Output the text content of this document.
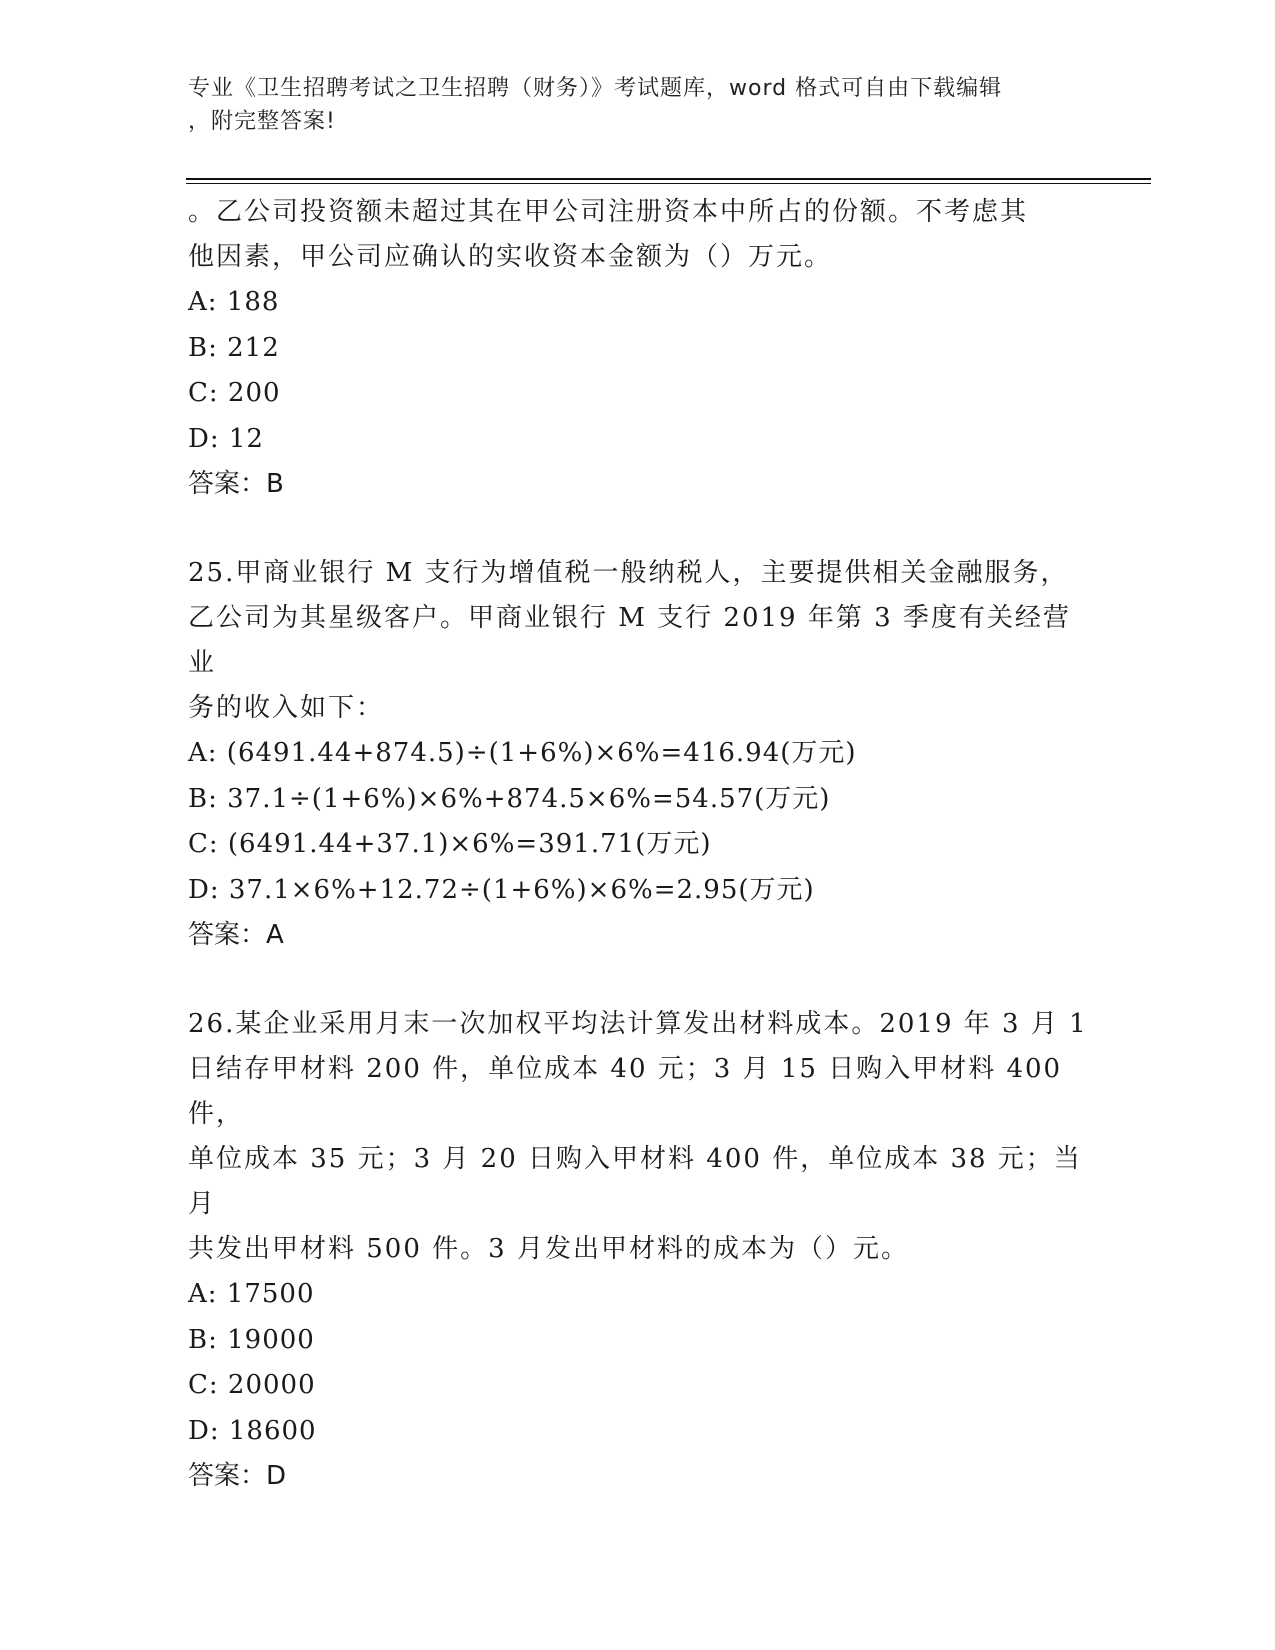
专业《卫生招聘考试之卫生招聘（财务）》考试题库，word 格式可自由下载编辑
，附完整答案!

。乙公司投资额未超过其在甲公司注册资本中所占的份额。不考虑其

他因素，甲公司应确认的实收资本金额为（）万元。

A: 188

B: 212

C: 200

D: 12

答案：B

25.甲商业银行 M 支行为增值税一般纳税人，主要提供相关金融服务，

乙公司为其星级客户。甲商业银行 M 支行 2019 年第 3 季度有关经营业

务的收入如下：

A: (6491.44+874.5)÷(1+6%)×6%=416.94(万元)

B: 37.1÷(1+6%)×6%+874.5×6%=54.57(万元)

C: (6491.44+37.1)×6%=391.71(万元)

D: 37.1×6%+12.72÷(1+6%)×6%=2.95(万元)

答案：A

26.某企业采用月末一次加权平均法计算发出材料成本。2019 年 3 月 1

日结存甲材料 200 件，单位成本 40 元；3 月 15 日购入甲材料 400 件，

单位成本 35 元；3 月 20 日购入甲材料 400 件，单位成本 38 元；当月

共发出甲材料 500 件。3 月发出甲材料的成本为（）元。

A: 17500

B: 19000

C: 20000

D: 18600

答案：D
